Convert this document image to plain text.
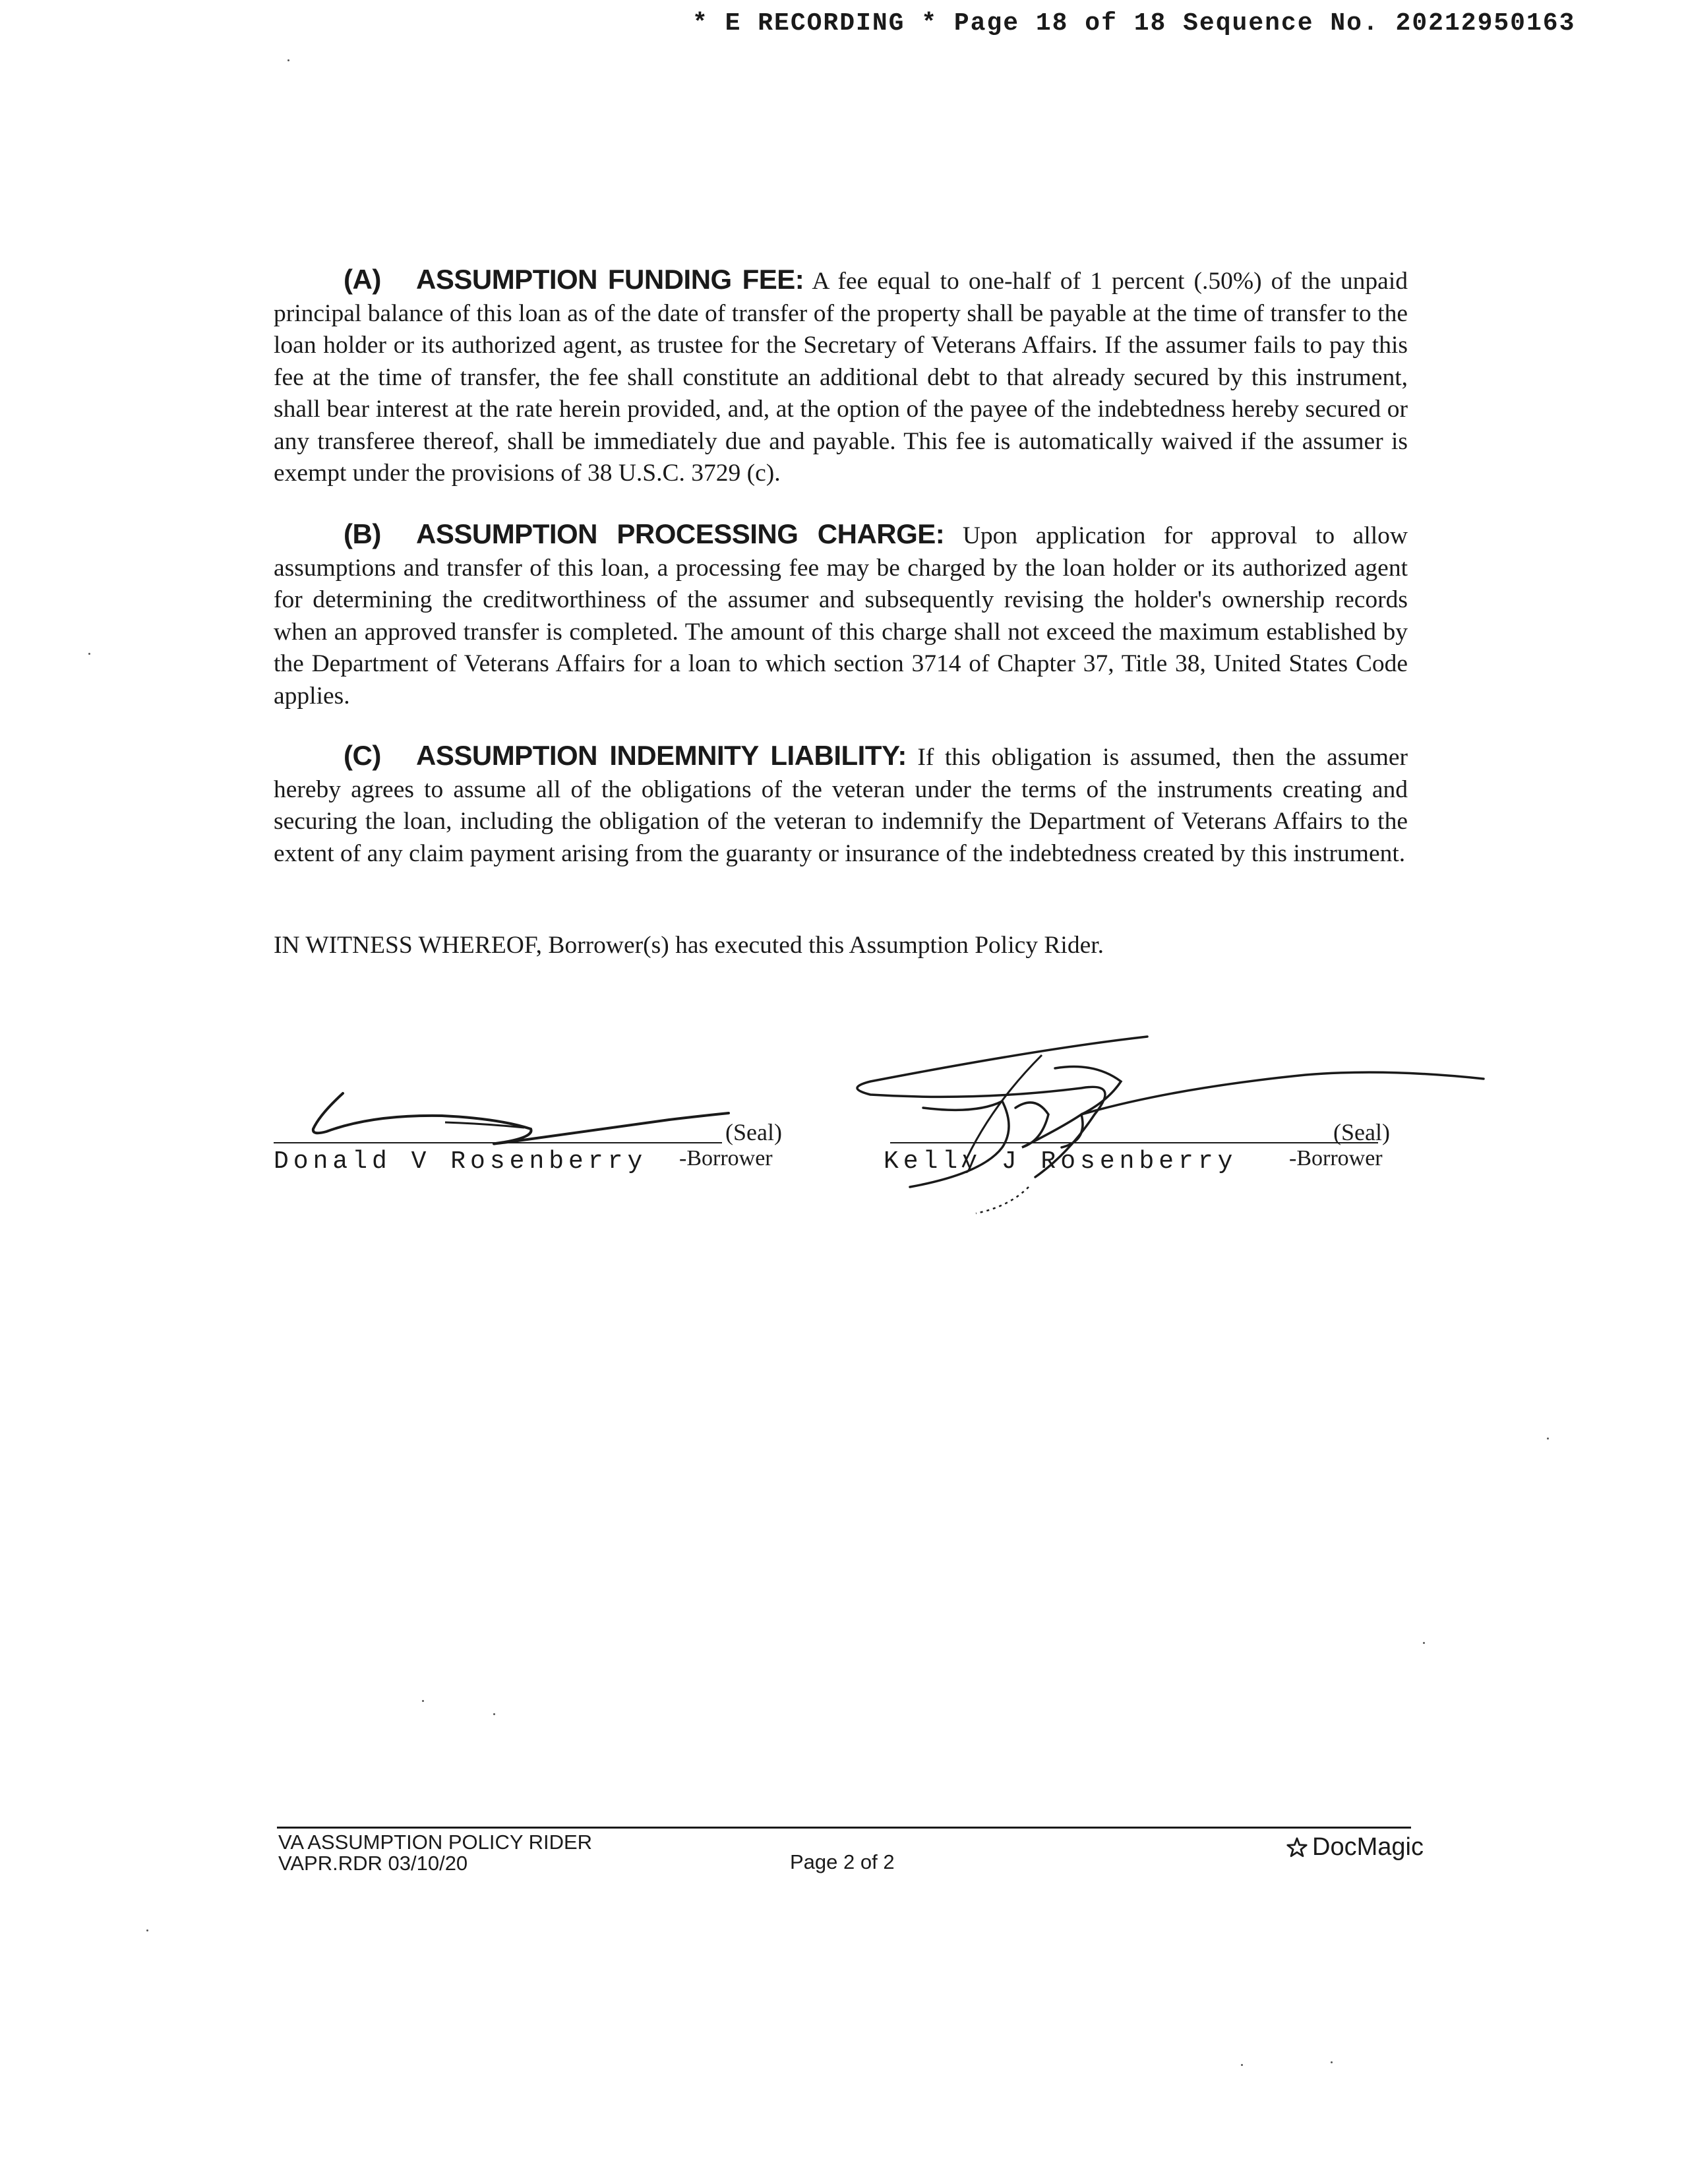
* E RECORDING * Page 18 of 18 Sequence No. 20212950163
(A) ASSUMPTION FUNDING FEE: A fee equal to one-half of 1 percent (.50%) of the unpaid principal balance of this loan as of the date of transfer of the property shall be payable at the time of transfer to the loan holder or its authorized agent, as trustee for the Secretary of Veterans Affairs. If the assumer fails to pay this fee at the time of transfer, the fee shall constitute an additional debt to that already secured by this instrument, shall bear interest at the rate herein provided, and, at the option of the payee of the indebtedness hereby secured or any transferee thereof, shall be immediately due and payable. This fee is automatically waived if the assumer is exempt under the provisions of 38 U.S.C. 3729 (c).
(B) ASSUMPTION PROCESSING CHARGE: Upon application for approval to allow assumptions and transfer of this loan, a processing fee may be charged by the loan holder or its authorized agent for determining the creditworthiness of the assumer and subsequently revising the holder's ownership records when an approved transfer is completed. The amount of this charge shall not exceed the maximum established by the Department of Veterans Affairs for a loan to which section 3714 of Chapter 37, Title 38, United States Code applies.
(C) ASSUMPTION INDEMNITY LIABILITY: If this obligation is assumed, then the assumer hereby agrees to assume all of the obligations of the veteran under the terms of the instruments creating and securing the loan, including the obligation of the veteran to indemnify the Department of Veterans Affairs to the extent of any claim payment arising from the guaranty or insurance of the indebtedness created by this instrument.
IN WITNESS WHEREOF, Borrower(s) has executed this Assumption Policy Rider.
(Seal)
Donald V Rosenberry -Borrower
(Seal)
Kelly J Rosenberry -Borrower
VA ASSUMPTION POLICY RIDER
VAPR.RDR 03/10/20	Page 2 of 2
DocMagic
